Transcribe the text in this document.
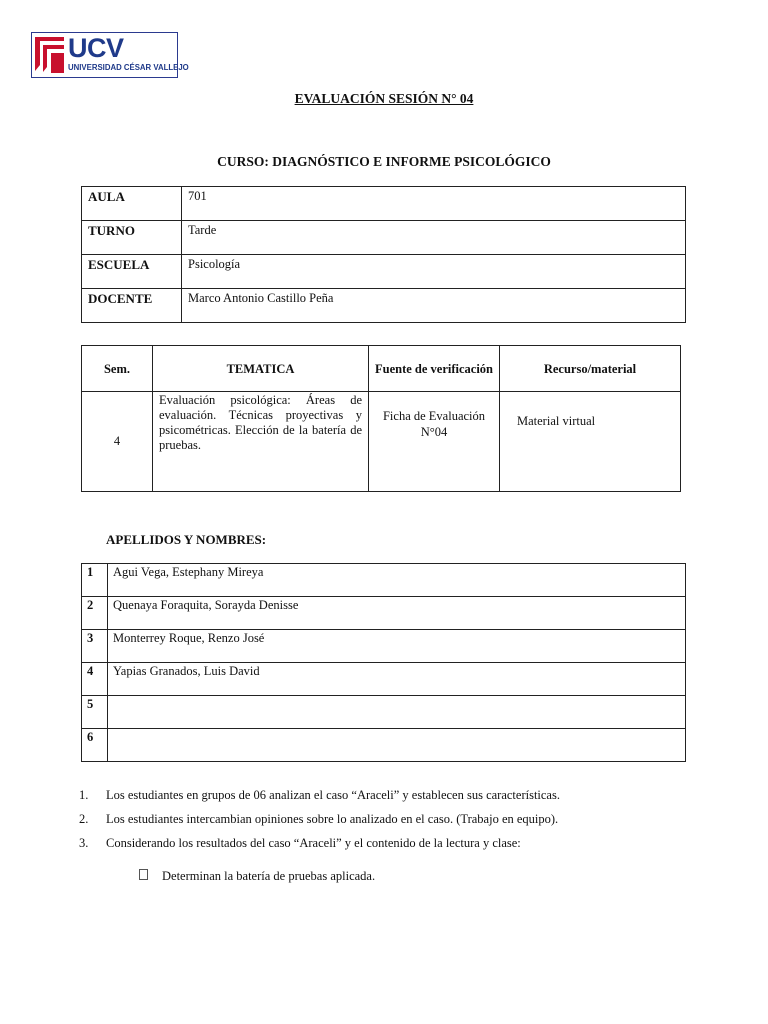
UCV
UNIVERSIDAD CÉSAR VALLEJO
EVALUACIÓN SESIÓN N° 04
CURSO: DIAGNÓSTICO E INFORME PSICOLÓGICO
AULA	701
TURNO	Tarde
ESCUELA	Psicología
DOCENTE	Marco Antonio Castillo Peña
Sem.	TEMATICA	Fuente de verificación	Recurso/material
4	Evaluación psicológica: Áreas de evaluación. Técnicas proyectivas y psicométricas. Elección de la batería de pruebas.	Ficha de Evaluación N°04	Material virtual
APELLIDOS Y NOMBRES:
1	Agui Vega, Estephany Mireya
2	Quenaya Foraquita, Sorayda Denisse
3	Monterrey Roque, Renzo José
4	Yapias Granados, Luis David
5	
6	
1. Los estudiantes en grupos de 06 analizan el caso “Araceli” y establecen sus características.
2. Los estudiantes intercambian opiniones sobre lo analizado en el caso. (Trabajo en equipo).
3. Considerando los resultados del caso “Araceli” y el contenido de la lectura y clase:
Determinan la batería de pruebas aplicada.
